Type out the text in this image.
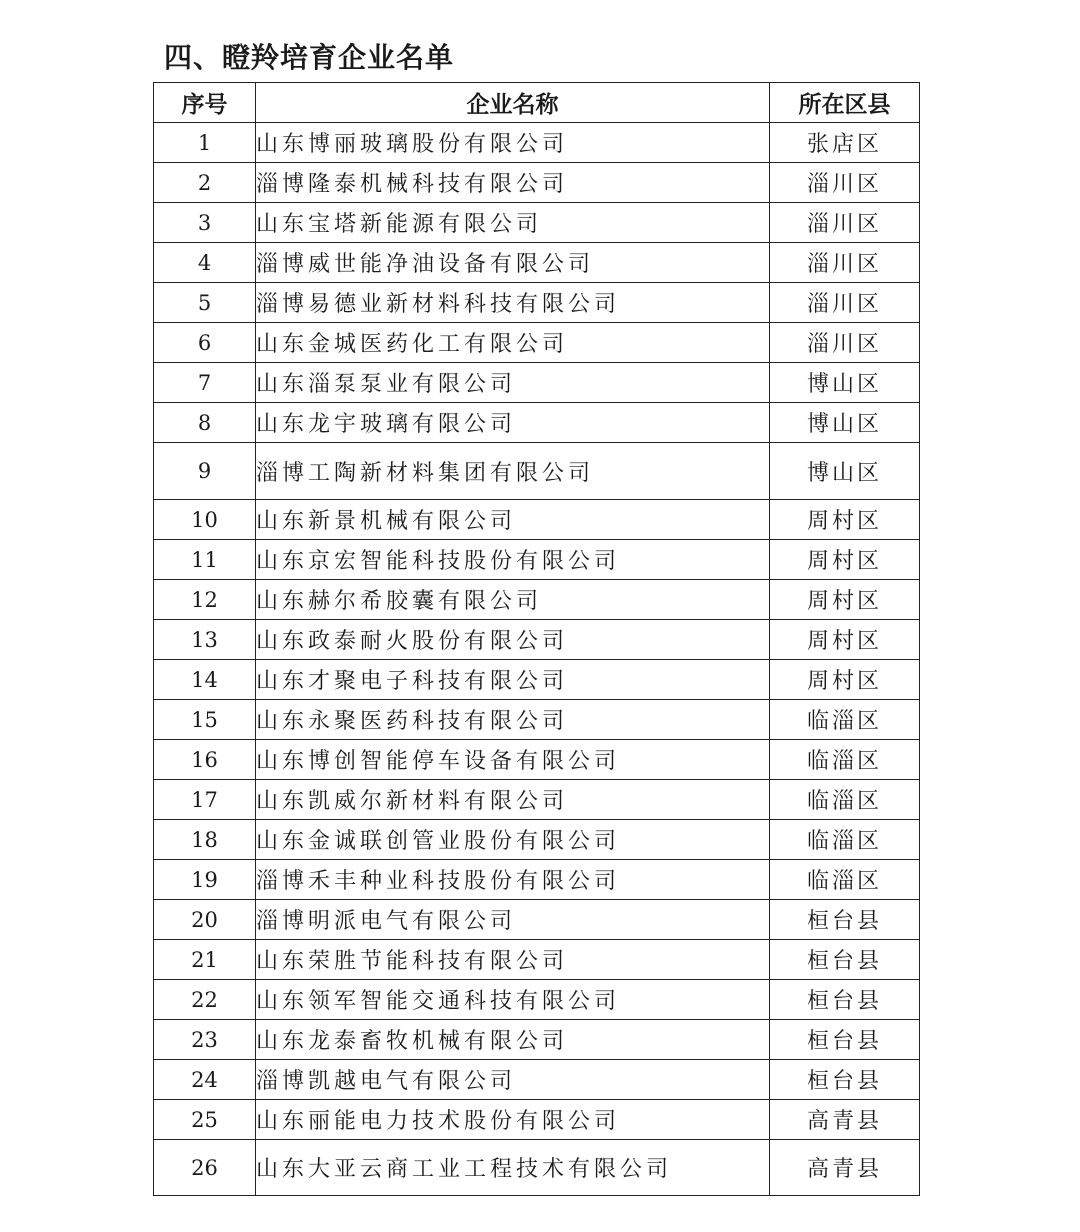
四、瞪羚培育企业名单
序号	企业名称	所在区县
1	山东博丽玻璃股份有限公司	张店区
2	淄博隆泰机械科技有限公司	淄川区
3	山东宝塔新能源有限公司	淄川区
4	淄博威世能净油设备有限公司	淄川区
5	淄博易德业新材料科技有限公司	淄川区
6	山东金城医药化工有限公司	淄川区
7	山东淄泵泵业有限公司	博山区
8	山东龙宇玻璃有限公司	博山区
9	淄博工陶新材料集团有限公司	博山区
10	山东新景机械有限公司	周村区
11	山东京宏智能科技股份有限公司	周村区
12	山东赫尔希胶囊有限公司	周村区
13	山东政泰耐火股份有限公司	周村区
14	山东才聚电子科技有限公司	周村区
15	山东永聚医药科技有限公司	临淄区
16	山东博创智能停车设备有限公司	临淄区
17	山东凯威尔新材料有限公司	临淄区
18	山东金诚联创管业股份有限公司	临淄区
19	淄博禾丰种业科技股份有限公司	临淄区
20	淄博明派电气有限公司	桓台县
21	山东荣胜节能科技有限公司	桓台县
22	山东领军智能交通科技有限公司	桓台县
23	山东龙泰畜牧机械有限公司	桓台县
24	淄博凯越电气有限公司	桓台县
25	山东丽能电力技术股份有限公司	高青县
26	山东大亚云商工业工程技术有限公司	高青县
